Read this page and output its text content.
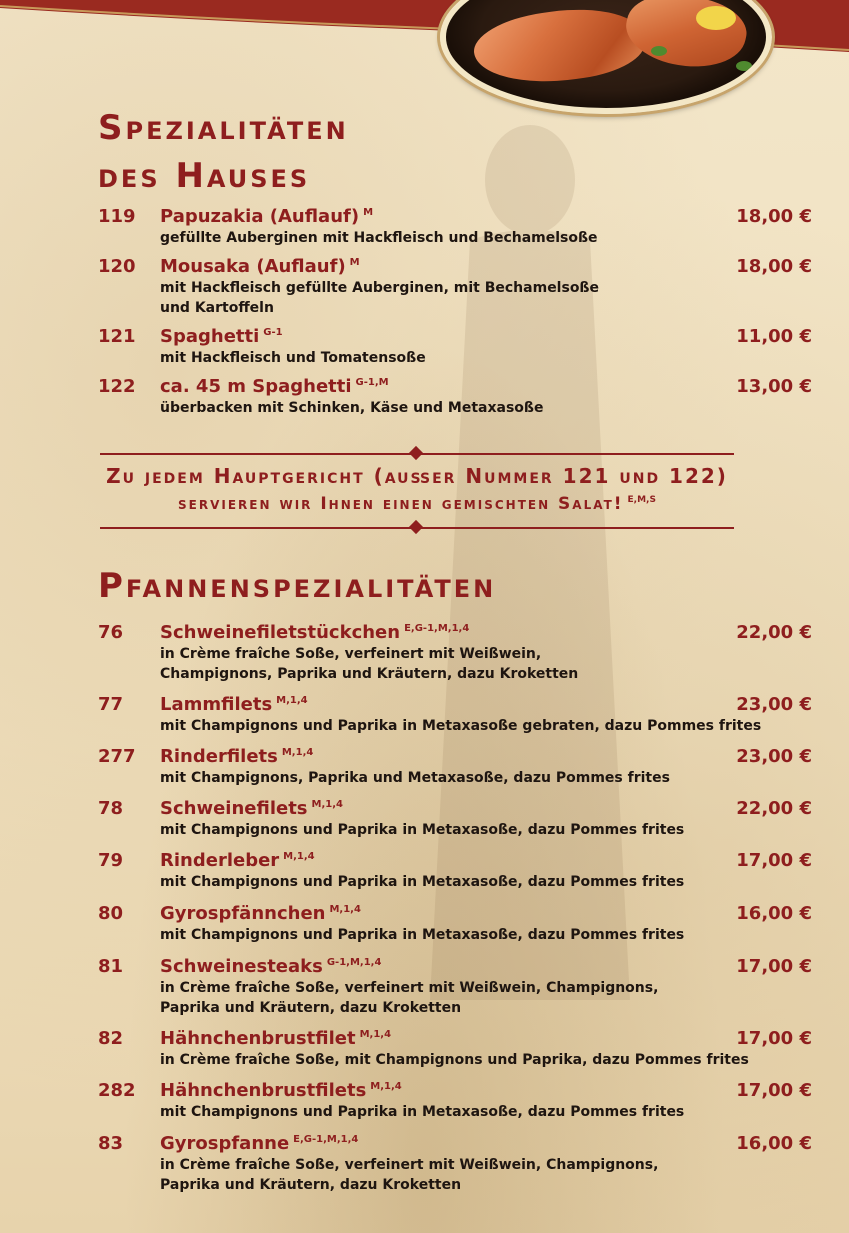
Spezialitäten
des Hauses
119	Papuzakia (Auflauf) $^M$	18,00 €
gefüllte Auberginen mit Hackfleisch und Bechamelsoße
120	Mousaka (Auflauf) $^M$	18,00 €
mit Hackfleisch gefüllte Auberginen, mit Bechamelsoße
und Kartoffeln
121	Spaghetti $^{G-1}$	11,00 €
mit Hackfleisch und Tomatensoße
122	ca. 45 m Spaghetti $^{G-1,M}$	13,00 €
überbacken mit Schinken, Käse und Metaxasoße
Zu jedem Hauptgericht (außer Nummer 121 und 122)
servieren wir Ihnen einen gemischten Salat! $^{E,M,S}$
Pfannenspezialitäten
76	Schweinefiletstückchen $^{E,G-1,M,1,4}$	22,00 €
in Crème fraîche Soße, verfeinert mit Weißwein,
Champignons, Paprika und Kräutern, dazu Kroketten
77	Lammfilets $^{M,1,4}$	23,00 €
mit Champignons und Paprika in Metaxasoße gebraten, dazu Pommes frites
277	Rinderfilets $^{M,1,4}$	23,00 €
mit Champignons, Paprika und Metaxasoße, dazu Pommes frites
78	Schweinefilets $^{M,1,4}$	22,00 €
mit Champignons und Paprika in Metaxasoße, dazu Pommes frites
79	Rinderleber $^{M,1,4}$	17,00 €
mit Champignons und Paprika in Metaxasoße, dazu Pommes frites
80	Gyrospfännchen $^{M,1,4}$	16,00 €
mit Champignons und Paprika in Metaxasoße, dazu Pommes frites
81	Schweinesteaks $^{G-1,M,1,4}$	17,00 €
in Crème fraîche Soße, verfeinert mit Weißwein, Champignons,
Paprika und Kräutern, dazu Kroketten
82	Hähnchenbrustfilet $^{M,1,4}$	17,00 €
in Crème fraîche Soße, mit Champignons und Paprika, dazu Pommes frites
282	Hähnchenbrustfilets $^{M,1,4}$	17,00 €
mit Champignons und Paprika in Metaxasoße, dazu Pommes frites
83	Gyrospfanne $^{E,G-1,M,1,4}$	16,00 €
in Crème fraîche Soße, verfeinert mit Weißwein, Champignons,
Paprika und Kräutern, dazu Kroketten
